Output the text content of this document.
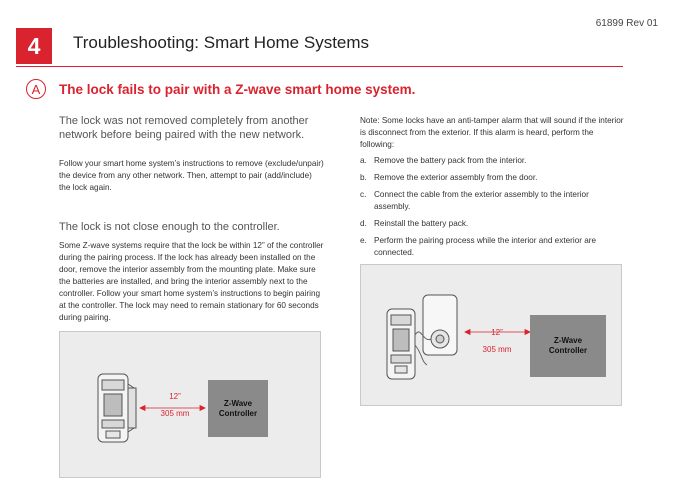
61899 Rev 01
4	Troubleshooting: Smart Home Systems
A	The lock fails to pair with a Z-wave smart home system.
The lock was not removed completely from another network before being paired with the new network.
Follow your smart home system’s instructions to remove (exclude/unpair) the device from any other network. Then, attempt to pair (add/include) the lock again.
The lock is not close enough to the controller.
Some Z-wave systems require that the lock be within 12” of the controller during the pairing process. If the lock has already been installed on the door, remove the interior assembly from the mounting plate. Make sure the batteries are installed, and bring the interior assembly next to the controller. Follow your smart home system’s instructions to begin pairing at the controller. The lock may need to remain stationary for 60 seconds during pairing.
12”
305 mm
Z-Wave
Controller
Note: Some locks have an anti-tamper alarm that will sound if the interior is disconnect from the exterior. If this alarm is heard, perform the following:
a. Remove the battery pack from the interior.
b. Remove the exterior assembly from the door.
c. Connect the cable from the exterior assembly to the interior assembly.
d. Reinstall the battery pack.
e. Perform the pairing process while the interior and exterior are connected.
12”
305 mm
Z-Wave
Controller
